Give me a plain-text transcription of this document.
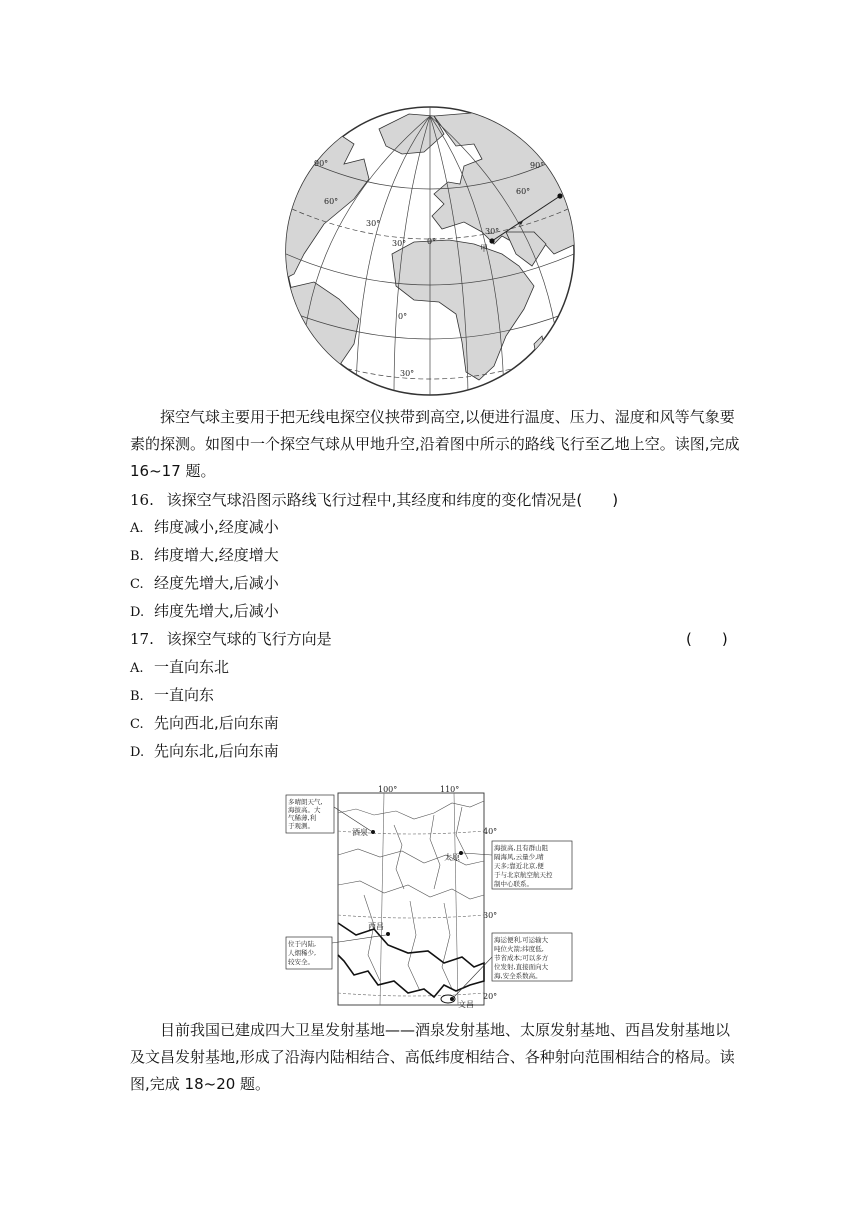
90°
60°
30°
30°	0°
90°
60°
30°
0°
30°
甲
探空气球主要用于把无线电探空仪挟带到高空,以便进行温度、压力、湿度和风等气象要素的探测。如图中一个探空气球从甲地升空,沿着图中所示的路线飞行至乙地上空。读图,完成 16~17 题。
16. 该探空气球沿图示路线飞行过程中,其经度和纬度的变化情况是(　　)
A. 纬度减小,经度减小
B. 纬度增大,经度增大
C. 经度先增大,后减小
D. 纬度先增大,后减小
17. 该探空气球的飞行方向是	(　　)
A. 一直向东北
B. 一直向东
C. 先向西北,后向东南
D. 先向东北,后向东南
100°	110°
40°
30°
20°
酒泉
太原
西昌
文昌
多晴朗天气,
海拔高。大
气稀薄,利
于观测。
海拔高,且有群山阻
隔海风,云量少,晴
天多;靠近北京,便
于与北京航空航天控
制中心联系。
位于内陆,
人烟稀少,
较安全。
海运便利,可运输大
吨位火箭;纬度低,
节省成本;可以多方
位发射,直接面向大
海,安全系数高。
目前我国已建成四大卫星发射基地——酒泉发射基地、太原发射基地、西昌发射基地以及文昌发射基地,形成了沿海内陆相结合、高低纬度相结合、各种射向范围相结合的格局。读图,完成 18~20 题。
